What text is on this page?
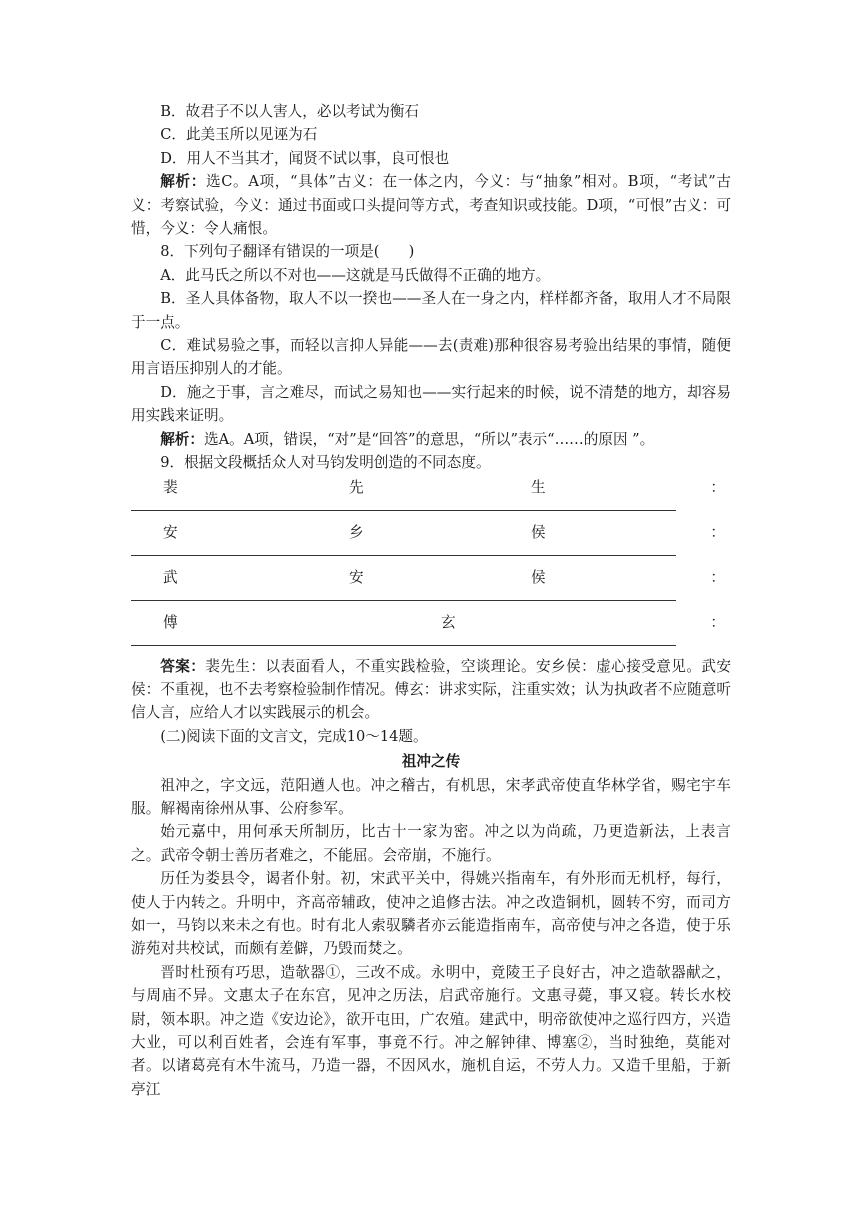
B．故君子不以人害人，必以考试为衡石

C．此美玉所以见诬为石

D．用人不当其才，闻贤不试以事，良可恨也

解析：选C。A项，“具体”古义：在一体之内，今义：与“抽象”相对。B项，“考试”古义：考察试验，今义：通过书面或口头提问等方式，考查知识或技能。D项，“可恨”古义：可惜，今义：令人痛恨。

8．下列句子翻译有错误的一项是(　　)

A．此马氏之所以不对也——这就是马氏做得不正确的地方。

B．圣人具体备物，取人不以一揆也——圣人在一身之内，样样都齐备，取用人才不局限于一点。

C．难试易验之事，而轻以言抑人异能——去(责难)那种很容易考验出结果的事情，随便用言语压抑别人的才能。

D．施之于事，言之难尽，而试之易知也——实行起来的时候，说不清楚的地方，却容易用实践来证明。

解析：选A。A项，错误，“对”是“回答”的意思，“所以”表示“……的原因 ”。

9．根据文段概括众人对马钧发明创造的不同态度。

裴	先	生	：
安	乡	侯	：
武	安	侯	：
傅	玄	：

答案：裴先生：以表面看人，不重实践检验，空谈理论。安乡侯：虚心接受意见。武安侯：不重视，也不去考察检验制作情况。傅玄：讲求实际，注重实效；认为执政者不应随意听信人言，应给人才以实践展示的机会。

(二)阅读下面的文言文，完成10～14题。

祖冲之传

祖冲之，字文远，范阳遒人也。冲之稽古，有机思，宋孝武帝使直华林学省，赐宅宇车服。解褐南徐州从事、公府参军。

始元嘉中，用何承天所制历，比古十一家为密。冲之以为尚疏，乃更造新法，上表言之。武帝令朝士善历者难之，不能屈。会帝崩，不施行。

历任为娄县令，谒者仆射。初，宋武平关中，得姚兴指南车，有外形而无机杼，每行，使人于内转之。升明中，齐高帝辅政，使冲之追修古法。冲之改造铜机，圆转不穷，而司方如一，马钧以来未之有也。时有北人索驭驎者亦云能造指南车，高帝使与冲之各造，使于乐游苑对共校试，而颇有差僻，乃毁而焚之。

晋时杜预有巧思，造欹器①，三改不成。永明中，竟陵王子良好古，冲之造欹器献之，与周庙不异。文惠太子在东宫，见冲之历法，启武帝施行。文惠寻薨，事又寝。转长水校尉，领本职。冲之造《安边论》，欲开屯田，广农殖。建武中，明帝欲使冲之巡行四方，兴造大业，可以利百姓者，会连有军事，事竟不行。冲之解钟律、博塞②，当时独绝，莫能对者。以诸葛亮有木牛流马，乃造一器，不因风水，施机自运，不劳人力。又造千里船，于新亭江
